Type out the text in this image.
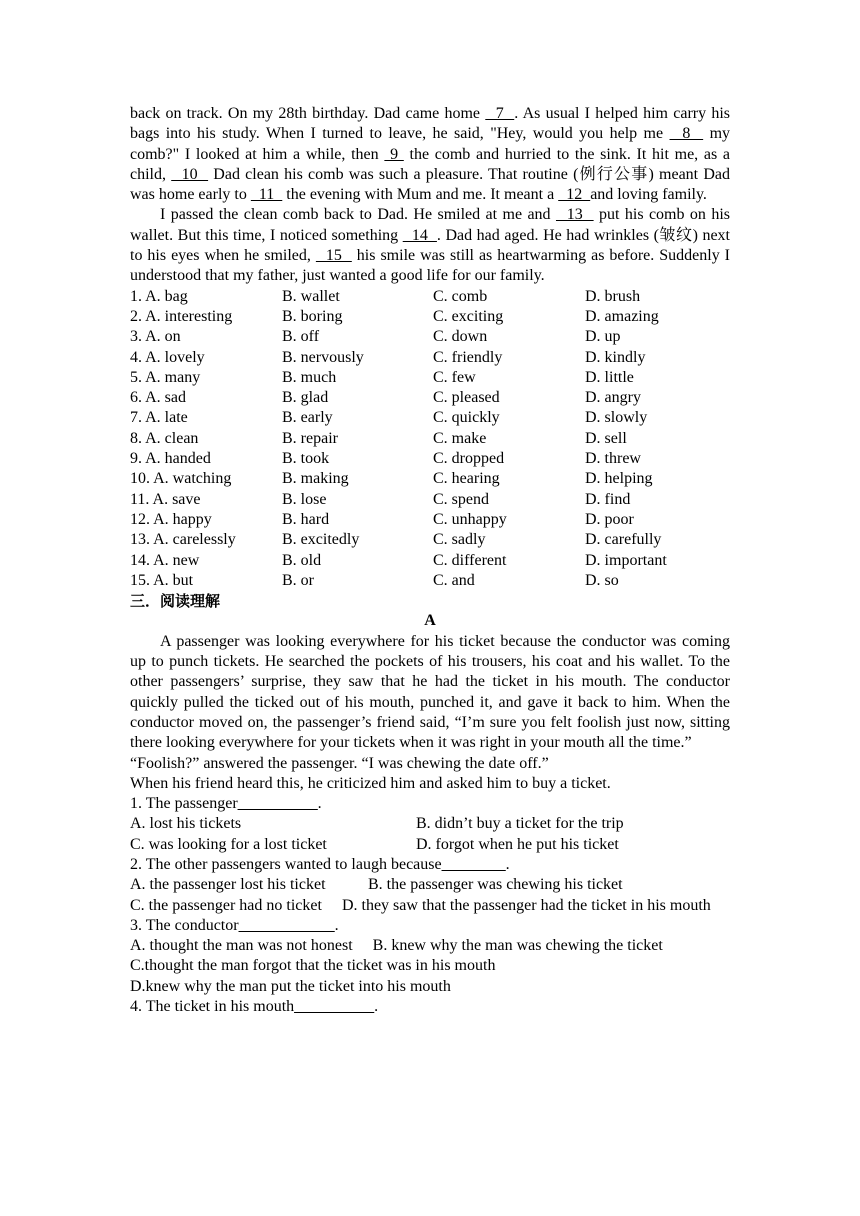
back on track. On my 28th birthday. Dad came home   7  . As usual I helped him carry his bags into his study. When I turned to leave, he said, "Hey, would you help me   8   my comb?" I looked at him a while, then  9  the comb and hurried to the sink. It hit me, as a child,   10   Dad clean his comb was such a pleasure. That routine (例行公事) meant Dad was home early to   11   the evening with Mum and me. It meant a   12  and loving family.

I passed the clean comb back to Dad. He smiled at me and   13   put his comb on his wallet. But this time, I noticed something   14  . Dad had aged. He had wrinkles (皱纹) next to his eyes when he smiled,   15   his smile was still as heartwarming as before. Suddenly I understood that my father, just wanted a good life for our family.

1. A. bag	B. wallet	C. comb	D. brush
2. A. interesting	B. boring	C. exciting	D. amazing
3. A. on	B. off	C. down	D. up
4. A. lovely	B. nervously	C. friendly	D. kindly
5. A. many	B. much	C. few	D. little
6. A. sad	B. glad	C. pleased	D. angry
7. A. late	B. early	C. quickly	D. slowly
8. A. clean	B. repair	C. make	D. sell
9. A. handed	B. took	C. dropped	D. threw
10. A. watching	B. making	C. hearing	D. helping
11. A. save	B. lose	C. spend	D. find
12. A. happy	B. hard	C. unhappy	D. poor
13. A. carelessly	B. excitedly	C. sadly	D. carefully
14. A. new	B. old	C. different	D. important
15. A. but	B. or	C. and	D. so
三．阅读理解
A

A passenger was looking everywhere for his ticket because the conductor was coming up to punch tickets. He searched the pockets of his trousers, his coat and his wallet. To the other passengers’ surprise, they saw that he had the ticket in his mouth. The conductor quickly pulled the ticked out of his mouth, punched it, and gave it back to him. When the conductor moved on, the passenger’s friend said, “I’m sure you felt foolish just now, sitting there looking everywhere for your tickets when it was right in your mouth all the time.”

“Foolish?” answered the passenger. “I was chewing the date off.”
When his friend heard this, he criticized him and asked him to buy a ticket.
1. The passenger__________.
A. lost his tickets	B. didn’t buy a ticket for the trip
C. was looking for a lost ticket	D. forgot when he put his ticket
2. The other passengers wanted to laugh because________.
A. the passenger lost his ticket	B. the passenger was chewing his ticket

C. the passenger had no ticket D. they saw that the passenger had the ticket in his mouth

3. The conductor____________.
A. thought the man was not honest B. knew why the man was chewing the ticket
C.thought the man forgot that the ticket was in his mouth
D.knew why the man put the ticket into his mouth
4. The ticket in his mouth__________.
